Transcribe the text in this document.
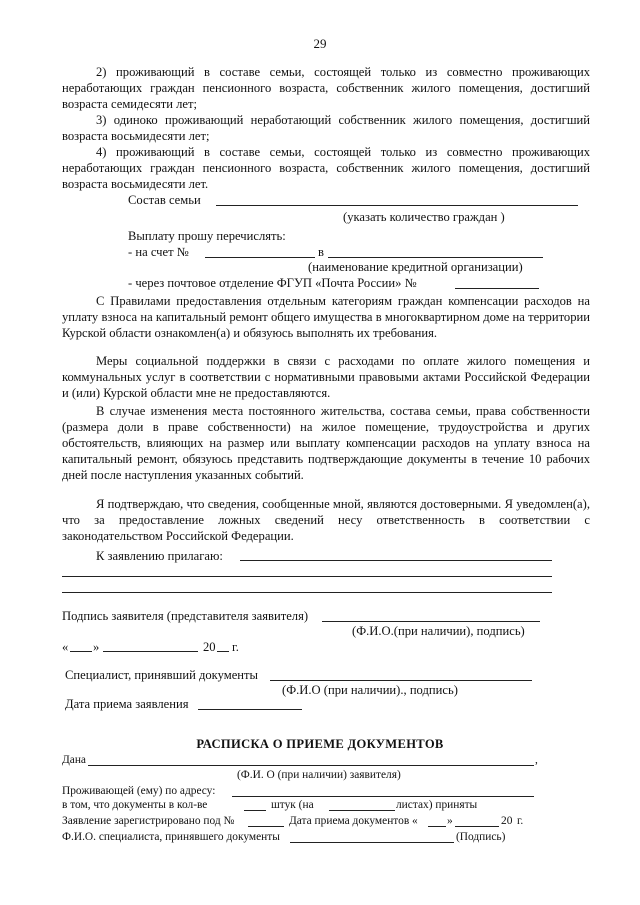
29
2) проживающий в составе семьи, состоящей только из совместно проживающих неработающих граждан пенсионного возраста, собственник жилого помещения, достигший возраста семидесяти лет;
3) одиноко проживающий неработающий собственник жилого помещения, достигший возраста восьмидесяти лет;
4) проживающий в составе семьи, состоящей только из совместно проживающих неработающих граждан пенсионного возраста, собственник жилого помещения, достигший возраста восьмидесяти лет.
Состав семьи
(указать количество граждан )
Выплату прошу перечислять:
- на счет №	в
(наименование кредитной организации)
- через почтовое отделение ФГУП «Почта России» №
С Правилами предоставления отдельным категориям граждан компенсации расходов на уплату взноса на капитальный ремонт общего имущества в многоквартирном доме на территории Курской области ознакомлен(а) и обязуюсь выполнять их требования.
Меры социальной поддержки в связи с расходами по оплате жилого помещения и коммунальных услуг в соответствии с нормативными правовыми актами Российской Федерации и (или) Курской области мне не предоставляются.
В случае изменения места постоянного жительства, состава семьи, права собственности (размера доли в праве собственности) на жилое помещение, трудоустройства и других обстоятельств, влияющих на размер или выплату компенсации расходов на уплату взноса на капитальный ремонт, обязуюсь представить подтверждающие документы в течение 10 рабочих дней после наступления указанных событий.
Я подтверждаю, что сведения, сообщенные мной, являются достоверными. Я уведомлен(а), что за предоставление ложных сведений несу ответственность в соответствии с законодательством Российской Федерации.
К заявлению прилагаю:
Подпись заявителя (представителя заявителя)
(Ф.И.О.(при наличии), подпись)
« »	20 г.
Специалист, принявший документы
(Ф.И.О (при наличии)., подпись)
Дата приема заявления
РАСПИСКА О ПРИЕМЕ ДОКУМЕНТОВ
Дана	,
(Ф.И. О (при наличии) заявителя)
Проживающей (ему) по адресу:
в том, что документы в кол-ве	штук (на	листах) приняты
Заявление зарегистрировано под №	Дата приема документов «	»	20 г.
Ф.И.О. специалиста, принявшего документы	(Подпись)
